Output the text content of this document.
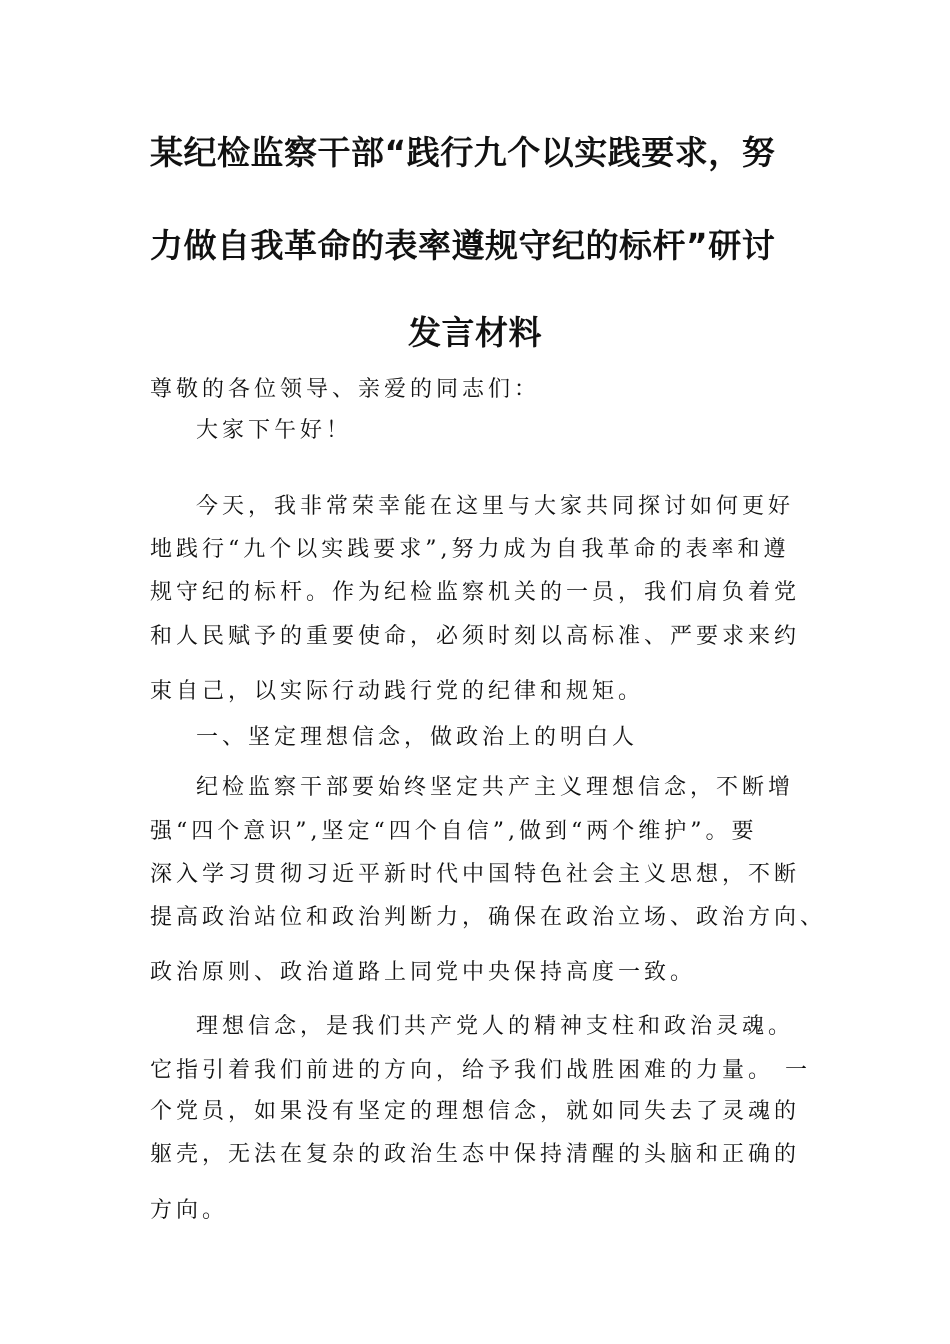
某纪检监察干部“践行九个以实践要求，努
力做自我革命的表率遵规守纪的标杆”研讨
发言材料
尊敬的各位领导、亲爱的同志们：
大家下午好！
今天，我非常荣幸能在这里与大家共同探讨如何更好
地践行“九个以实践要求”,努力成为自我革命的表率和遵
规守纪的标杆。作为纪检监察机关的一员，我们肩负着党
和人民赋予的重要使命，必须时刻以高标准、严要求来约
束自己，以实际行动践行党的纪律和规矩。
一、坚定理想信念，做政治上的明白人
纪检监察干部要始终坚定共产主义理想信念，不断增
强“四个意识”,坚定“四个自信”,做到“两个维护”。要
深入学习贯彻习近平新时代中国特色社会主义思想，不断
提高政治站位和政治判断力，确保在政治立场、政治方向、
政治原则、政治道路上同党中央保持高度一致。
理想信念，是我们共产党人的精神支柱和政治灵魂。
它指引着我们前进的方向，给予我们战胜困难的力量。 一
个党员，如果没有坚定的理想信念，就如同失去了灵魂的
躯壳，无法在复杂的政治生态中保持清醒的头脑和正确的
方向。
